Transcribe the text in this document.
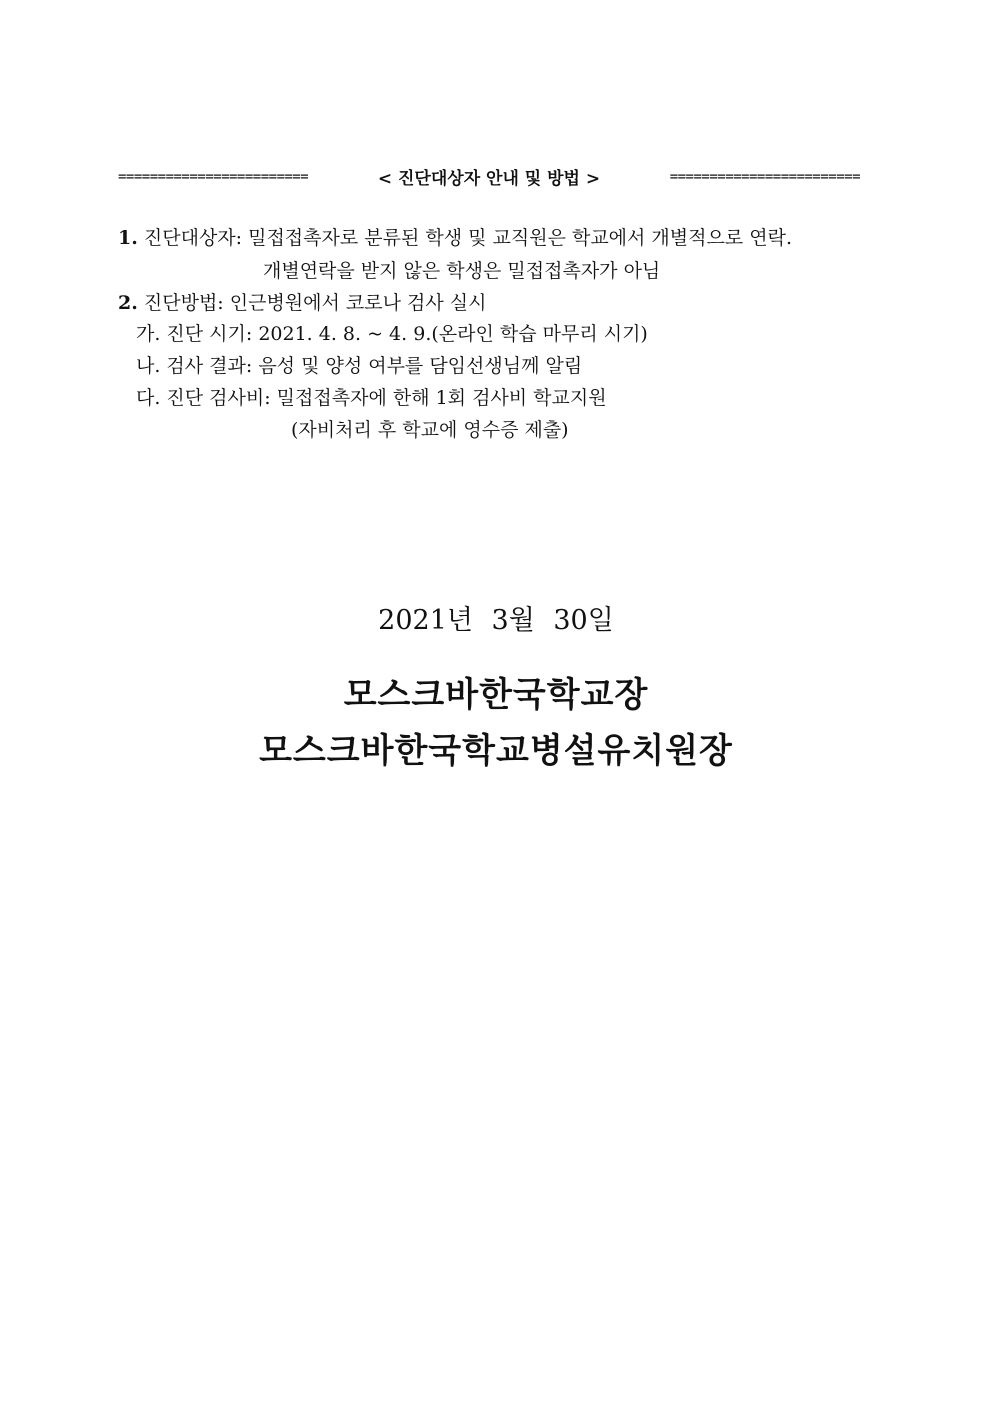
========================	< 진단대상자 안내 및 방법 >	========================
1. 진단대상자: 밀접접촉자로 분류된 학생 및 교직원은 학교에서 개별적으로 연락.
개별연락을 받지 않은 학생은 밀접접촉자가 아님
2. 진단방법: 인근병원에서 코로나 검사 실시
가. 진단 시기: 2021. 4. 8. ~ 4. 9.(온라인 학습 마무리 시기)
나. 검사 결과: 음성 및 양성 여부를 담임선생님께 알림
다. 진단 검사비: 밀접접촉자에 한해 1회 검사비 학교지원
(자비처리 후 학교에 영수증 제출)
2021년 3월 30일
모스크바한국학교장
모스크바한국학교병설유치원장
